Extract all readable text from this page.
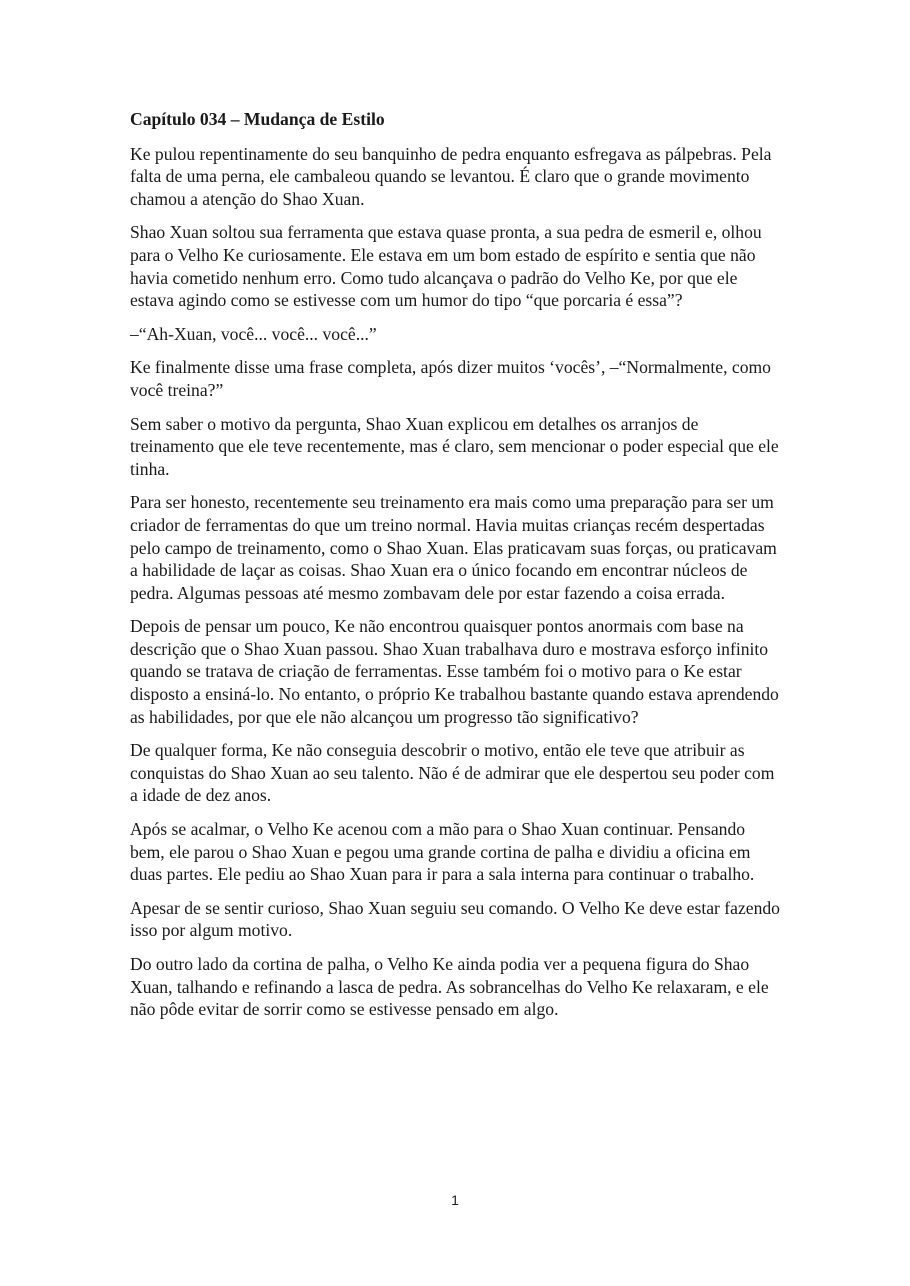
Capítulo 034 – Mudança de Estilo

Ke pulou repentinamente do seu banquinho de pedra enquanto esfregava as pálpebras. Pela falta de uma perna, ele cambaleou quando se levantou. É claro que o grande movimento chamou a atenção do Shao Xuan.

Shao Xuan soltou sua ferramenta que estava quase pronta, a sua pedra de esmeril e, olhou para o Velho Ke curiosamente. Ele estava em um bom estado de espírito e sentia que não havia cometido nenhum erro. Como tudo alcançava o padrão do Velho Ke, por que ele estava agindo como se estivesse com um humor do tipo “que porcaria é essa”?

–“Ah-Xuan, você... você... você...”

Ke finalmente disse uma frase completa, após dizer muitos ‘vocês’, –“Normalmente, como você treina?”

Sem saber o motivo da pergunta, Shao Xuan explicou em detalhes os arranjos de treinamento que ele teve recentemente, mas é claro, sem mencionar o poder especial que ele tinha.

Para ser honesto, recentemente seu treinamento era mais como uma preparação para ser um criador de ferramentas do que um treino normal. Havia muitas crianças recém despertadas pelo campo de treinamento, como o Shao Xuan. Elas praticavam suas forças, ou praticavam a habilidade de laçar as coisas. Shao Xuan era o único focando em encontrar núcleos de pedra. Algumas pessoas até mesmo zombavam dele por estar fazendo a coisa errada.

Depois de pensar um pouco, Ke não encontrou quaisquer pontos anormais com base na descrição que o Shao Xuan passou. Shao Xuan trabalhava duro e mostrava esforço infinito quando se tratava de criação de ferramentas. Esse também foi o motivo para o Ke estar disposto a ensiná-lo. No entanto, o próprio Ke trabalhou bastante quando estava aprendendo as habilidades, por que ele não alcançou um progresso tão significativo?

De qualquer forma, Ke não conseguia descobrir o motivo, então ele teve que atribuir as conquistas do Shao Xuan ao seu talento. Não é de admirar que ele despertou seu poder com a idade de dez anos.

Após se acalmar, o Velho Ke acenou com a mão para o Shao Xuan continuar. Pensando bem, ele parou o Shao Xuan e pegou uma grande cortina de palha e dividiu a oficina em duas partes. Ele pediu ao Shao Xuan para ir para a sala interna para continuar o trabalho.

Apesar de se sentir curioso, Shao Xuan seguiu seu comando. O Velho Ke deve estar fazendo isso por algum motivo.

Do outro lado da cortina de palha, o Velho Ke ainda podia ver a pequena figura do Shao Xuan, talhando e refinando a lasca de pedra. As sobrancelhas do Velho Ke relaxaram, e ele não pôde evitar de sorrir como se estivesse pensado em algo.

1
